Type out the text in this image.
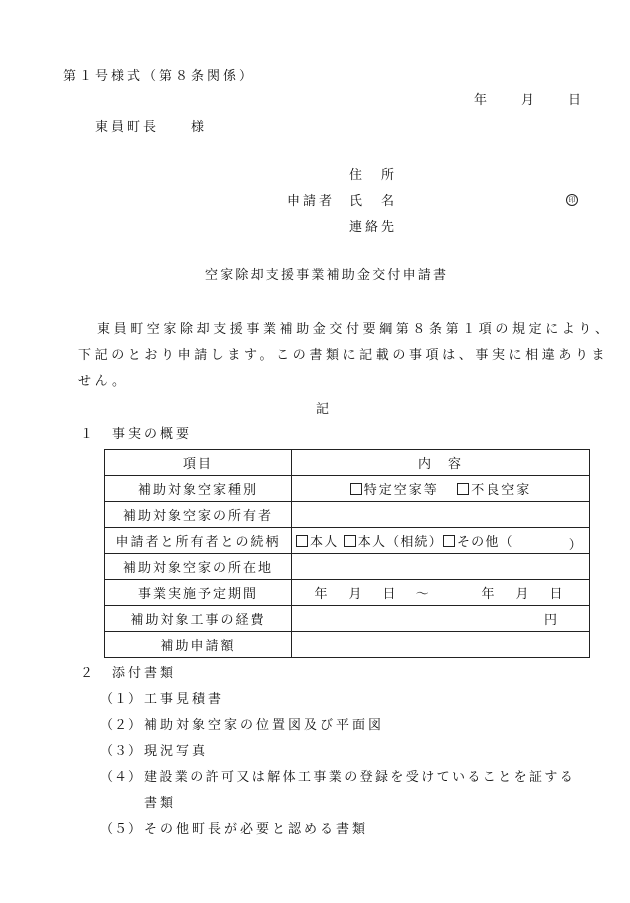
第１号様式（第８条関係）
年 月 日
東員町長　　様
住　所
申請者 氏　名	印
連絡先
空家除却支援事業補助金交付申請書
東員町空家除却支援事業補助金交付要綱第８条第１項の規定により、
下記のとおり申請します。この書類に記載の事項は、事実に相違ありま
せん。
記
１　事実の概要
項目	内　容
補助対象空家種別	特定空家等 不良空家
補助対象空家の所有者	
申請者と所有者との続柄	本人 本人（相続） その他（ ）

補助対象空家の所在地	
事業実施予定期間	年　月　日 ～ 年　月　日
補助対象工事の経費	円
補助申請額	
２　添付書類
（１） 工事見積書
（２） 補助対象空家の位置図及び平面図
（３） 現況写真
（４） 建設業の許可又は解体工事業の登録を受けていることを証する
書類
（５） その他町長が必要と認める書類
